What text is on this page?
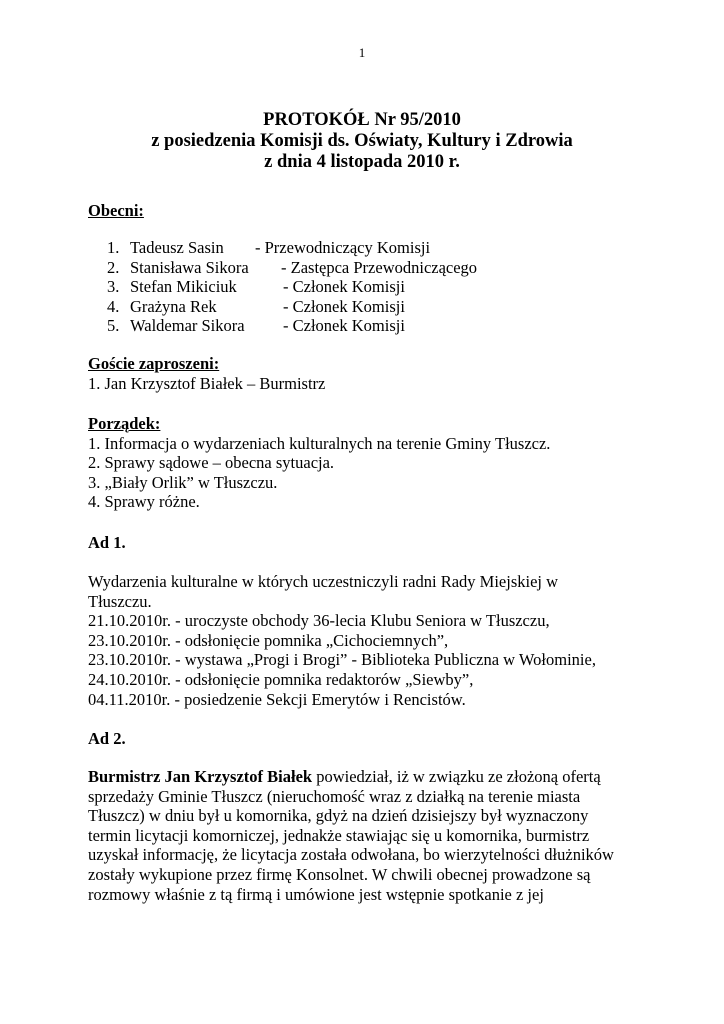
1
PROTOKÓŁ Nr 95/2010
z posiedzenia Komisji ds. Oświaty, Kultury i Zdrowia
z dnia 4 listopada 2010 r.
Obecni:
1. Tadeusz Sasin - Przewodniczący Komisji
2. Stanisława Sikora - Zastępca Przewodniczącego
3. Stefan Mikiciuk	- Członek Komisji
4. Grażyna Rek	- Członek Komisji
5. Waldemar Sikora - Członek Komisji
Goście zaproszeni:
1. Jan Krzysztof Białek – Burmistrz
Porządek:
1. Informacja o wydarzeniach kulturalnych na terenie Gminy Tłuszcz.
2. Sprawy sądowe – obecna sytuacja.
3. „Biały Orlik” w Tłuszczu.
4. Sprawy różne.
Ad 1.
Wydarzenia kulturalne w których uczestniczyli radni Rady Miejskiej w
Tłuszczu.
21.10.2010r. - uroczyste obchody 36-lecia Klubu Seniora w Tłuszczu,
23.10.2010r. - odsłonięcie pomnika „Cichociemnych”,
23.10.2010r. - wystawa „Progi i Brogi” - Biblioteka Publiczna w Wołominie,
24.10.2010r. - odsłonięcie pomnika redaktorów „Siewby”,
04.11.2010r. - posiedzenie Sekcji Emerytów i Rencistów.
Ad 2.
Burmistrz Jan Krzysztof Białek powiedział, iż w związku ze złożoną ofertą
sprzedaży Gminie Tłuszcz (nieruchomość wraz z działką na terenie miasta
Tłuszcz) w dniu był u komornika, gdyż na dzień dzisiejszy był wyznaczony
termin licytacji komorniczej, jednakże stawiając się u komornika, burmistrz
uzyskał informację, że licytacja została odwołana, bo wierzytelności dłużników
zostały wykupione przez firmę Konsolnet. W chwili obecnej prowadzone są
rozmowy właśnie z tą firmą i umówione jest wstępnie spotkanie z jej
